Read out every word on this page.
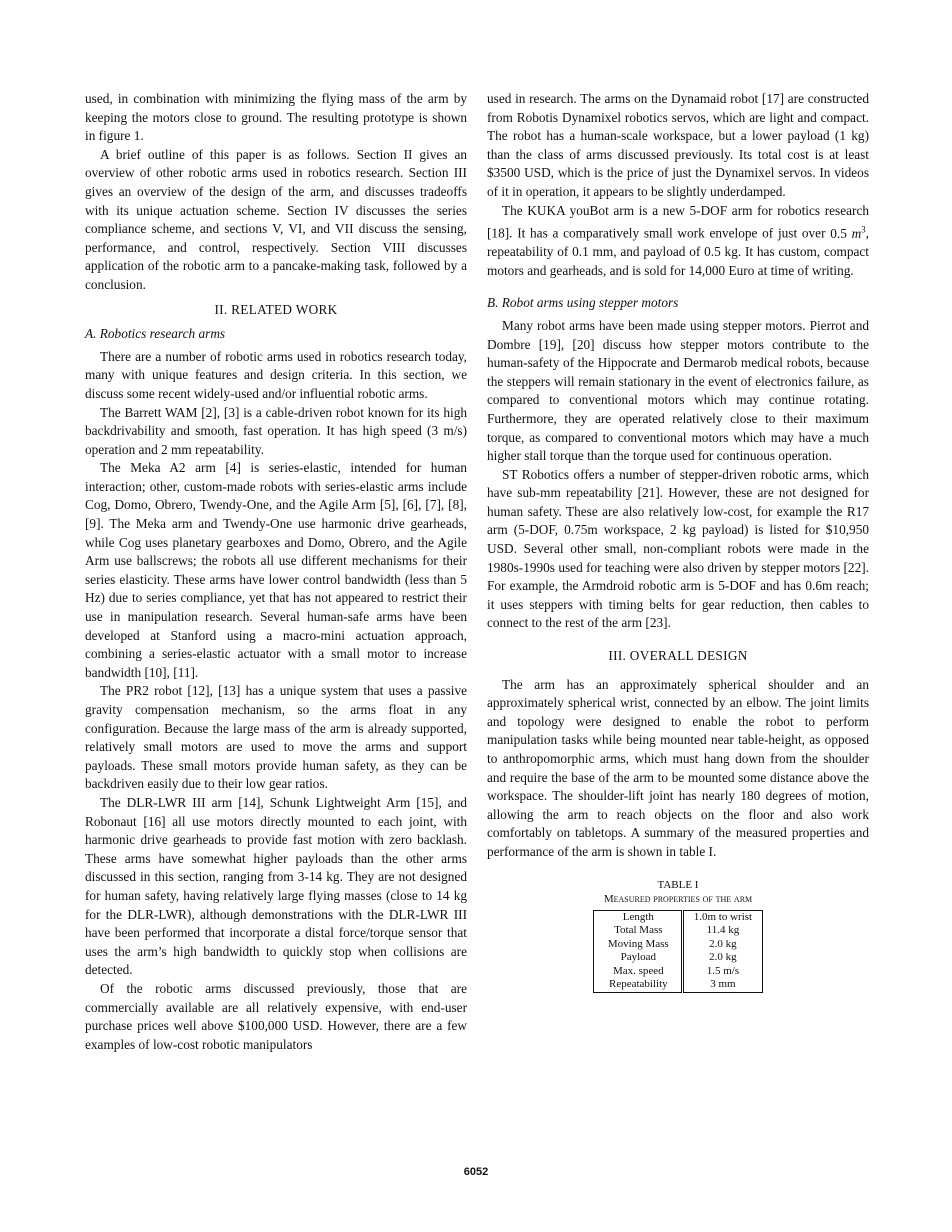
used, in combination with minimizing the flying mass of the arm by keeping the motors close to ground. The resulting prototype is shown in figure 1.

A brief outline of this paper is as follows. Section II gives an overview of other robotic arms used in robotics research. Section III gives an overview of the design of the arm, and discusses tradeoffs with its unique actuation scheme. Section IV discusses the series compliance scheme, and sections V, VI, and VII discuss the sensing, performance, and control, respectively. Section VIII discusses application of the robotic arm to a pancake-making task, followed by a conclusion.

II. RELATED WORK
A. Robotics research arms

There are a number of robotic arms used in robotics research today, many with unique features and design criteria. In this section, we discuss some recent widely-used and/or influential robotic arms.

The Barrett WAM [2], [3] is a cable-driven robot known for its high backdrivability and smooth, fast operation. It has high speed (3 m/s) operation and 2 mm repeatability.

The Meka A2 arm [4] is series-elastic, intended for human interaction; other, custom-made robots with series-elastic arms include Cog, Domo, Obrero, Twendy-One, and the Agile Arm [5], [6], [7], [8], [9]. The Meka arm and Twendy-One use harmonic drive gearheads, while Cog uses planetary gearboxes and Domo, Obrero, and the Agile Arm use ballscrews; the robots all use different mechanisms for their series elasticity. These arms have lower control bandwidth (less than 5 Hz) due to series compliance, yet that has not appeared to restrict their use in manipulation research. Several human-safe arms have been developed at Stanford using a macro-mini actuation approach, combining a series-elastic actuator with a small motor to increase bandwidth [10], [11].

The PR2 robot [12], [13] has a unique system that uses a passive gravity compensation mechanism, so the arms float in any configuration. Because the large mass of the arm is already supported, relatively small motors are used to move the arms and support payloads. These small motors provide human safety, as they can be backdriven easily due to their low gear ratios.

The DLR-LWR III arm [14], Schunk Lightweight Arm [15], and Robonaut [16] all use motors directly mounted to each joint, with harmonic drive gearheads to provide fast motion with zero backlash. These arms have somewhat higher payloads than the other arms discussed in this section, ranging from 3-14 kg. They are not designed for human safety, having relatively large flying masses (close to 14 kg for the DLR-LWR), although demonstrations with the DLR-LWR III have been performed that incorporate a distal force/torque sensor that uses the arm’s high bandwidth to quickly stop when collisions are detected.

Of the robotic arms discussed previously, those that are commercially available are all relatively expensive, with end-user purchase prices well above $100,000 USD. However, there are a few examples of low-cost robotic manipulators

used in research. The arms on the Dynamaid robot [17] are constructed from Robotis Dynamixel robotics servos, which are light and compact. The robot has a human-scale workspace, but a lower payload (1 kg) than the class of arms discussed previously. Its total cost is at least $3500 USD, which is the price of just the Dynamixel servos. In videos of it in operation, it appears to be slightly underdamped.

The KUKA youBot arm is a new 5-DOF arm for robotics research [18]. It has a comparatively small work envelope of just over 0.5 $m^3$, repeatability of 0.1 mm, and payload of 0.5 kg. It has custom, compact motors and gearheads, and is sold for 14,000 Euro at time of writing.

B. Robot arms using stepper motors

Many robot arms have been made using stepper motors. Pierrot and Dombre [19], [20] discuss how stepper motors contribute to the human-safety of the Hippocrate and Dermarob medical robots, because the steppers will remain stationary in the event of electronics failure, as compared to conventional motors which may continue rotating. Furthermore, they are operated relatively close to their maximum torque, as compared to conventional motors which may have a much higher stall torque than the torque used for continuous operation.

ST Robotics offers a number of stepper-driven robotic arms, which have sub-mm repeatability [21]. However, these are not designed for human safety. These are also relatively low-cost, for example the R17 arm (5-DOF, 0.75m workspace, 2 kg payload) is listed for $10,950 USD. Several other small, non-compliant robots were made in the 1980s-1990s used for teaching were also driven by stepper motors [22]. For example, the Armdroid robotic arm is 5-DOF and has 0.6m reach; it uses steppers with timing belts for gear reduction, then cables to connect to the rest of the arm [23].

III. OVERALL DESIGN

The arm has an approximately spherical shoulder and an approximately spherical wrist, connected by an elbow. The joint limits and topology were designed to enable the robot to perform manipulation tasks while being mounted near table-height, as opposed to anthropomorphic arms, which must hang down from the shoulder and require the base of the arm to be mounted some distance above the workspace. The shoulder-lift joint has nearly 180 degrees of motion, allowing the arm to reach objects on the floor and also work comfortably on tabletops. A summary of the measured properties and performance of the arm is shown in table I.

TABLE I
Measured properties of the arm
Length	1.0m to wrist
Total Mass	11.4 kg
Moving Mass	2.0 kg
Payload	2.0 kg
Max. speed	1.5 m/s
Repeatability	3 mm
6052
